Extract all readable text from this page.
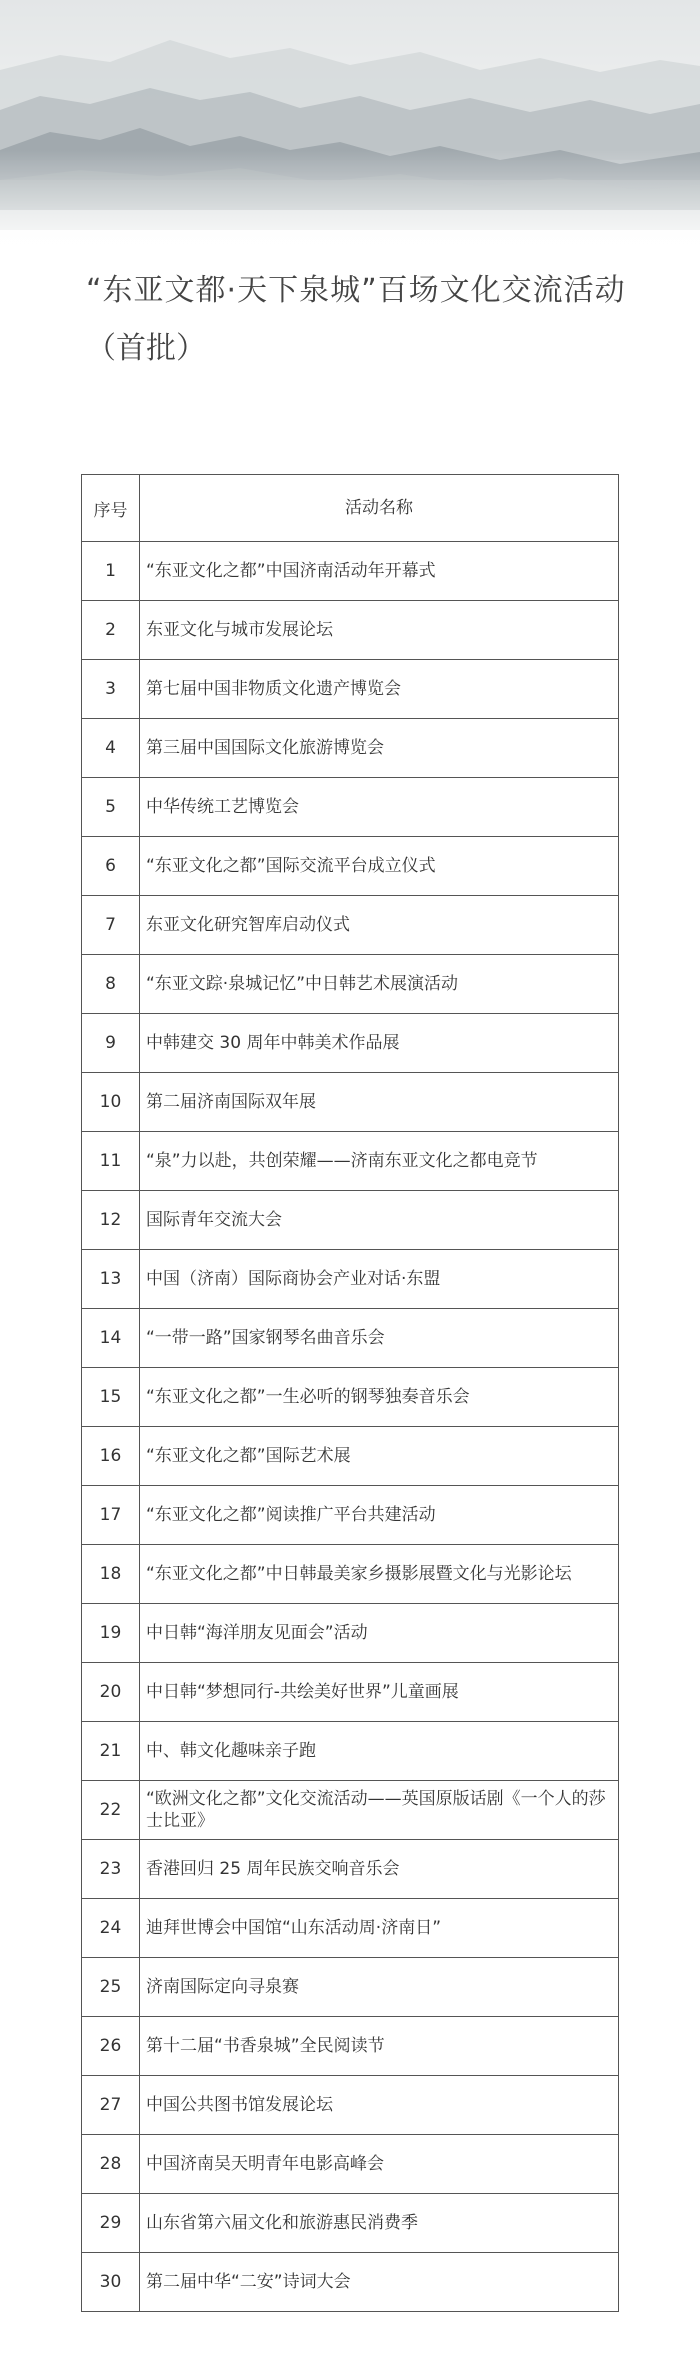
“东亚文都·天下泉城”百场文化交流活动

（首批）

序号	活动名称
1	“东亚文化之都”中国济南活动年开幕式
2	东亚文化与城市发展论坛
3	第七届中国非物质文化遗产博览会
4	第三届中国国际文化旅游博览会
5	中华传统工艺博览会
6	“东亚文化之都”国际交流平台成立仪式
7	东亚文化研究智库启动仪式
8	“东亚文踪·泉城记忆”中日韩艺术展演活动
9	中韩建交 30 周年中韩美术作品展
10	第二届济南国际双年展
11	“泉”力以赴，共创荣耀——济南东亚文化之都电竞节
12	国际青年交流大会
13	中国（济南）国际商协会产业对话·东盟
14	“一带一路”国家钢琴名曲音乐会
15	“东亚文化之都”一生必听的钢琴独奏音乐会
16	“东亚文化之都”国际艺术展
17	“东亚文化之都”阅读推广平台共建活动
18	“东亚文化之都”中日韩最美家乡摄影展暨文化与光影论坛
19	中日韩“海洋朋友见面会”活动
20	中日韩“梦想同行-共绘美好世界”儿童画展
21	中、韩文化趣味亲子跑
22	“欧洲文化之都”文化交流活动——英国原版话剧《一个人的莎士比亚》
23	香港回归 25 周年民族交响音乐会
24	迪拜世博会中国馆“山东活动周·济南日”
25	济南国际定向寻泉赛
26	第十二届“书香泉城”全民阅读节
27	中国公共图书馆发展论坛
28	中国济南吴天明青年电影高峰会
29	山东省第六届文化和旅游惠民消费季
30	第二届中华“二安”诗词大会
